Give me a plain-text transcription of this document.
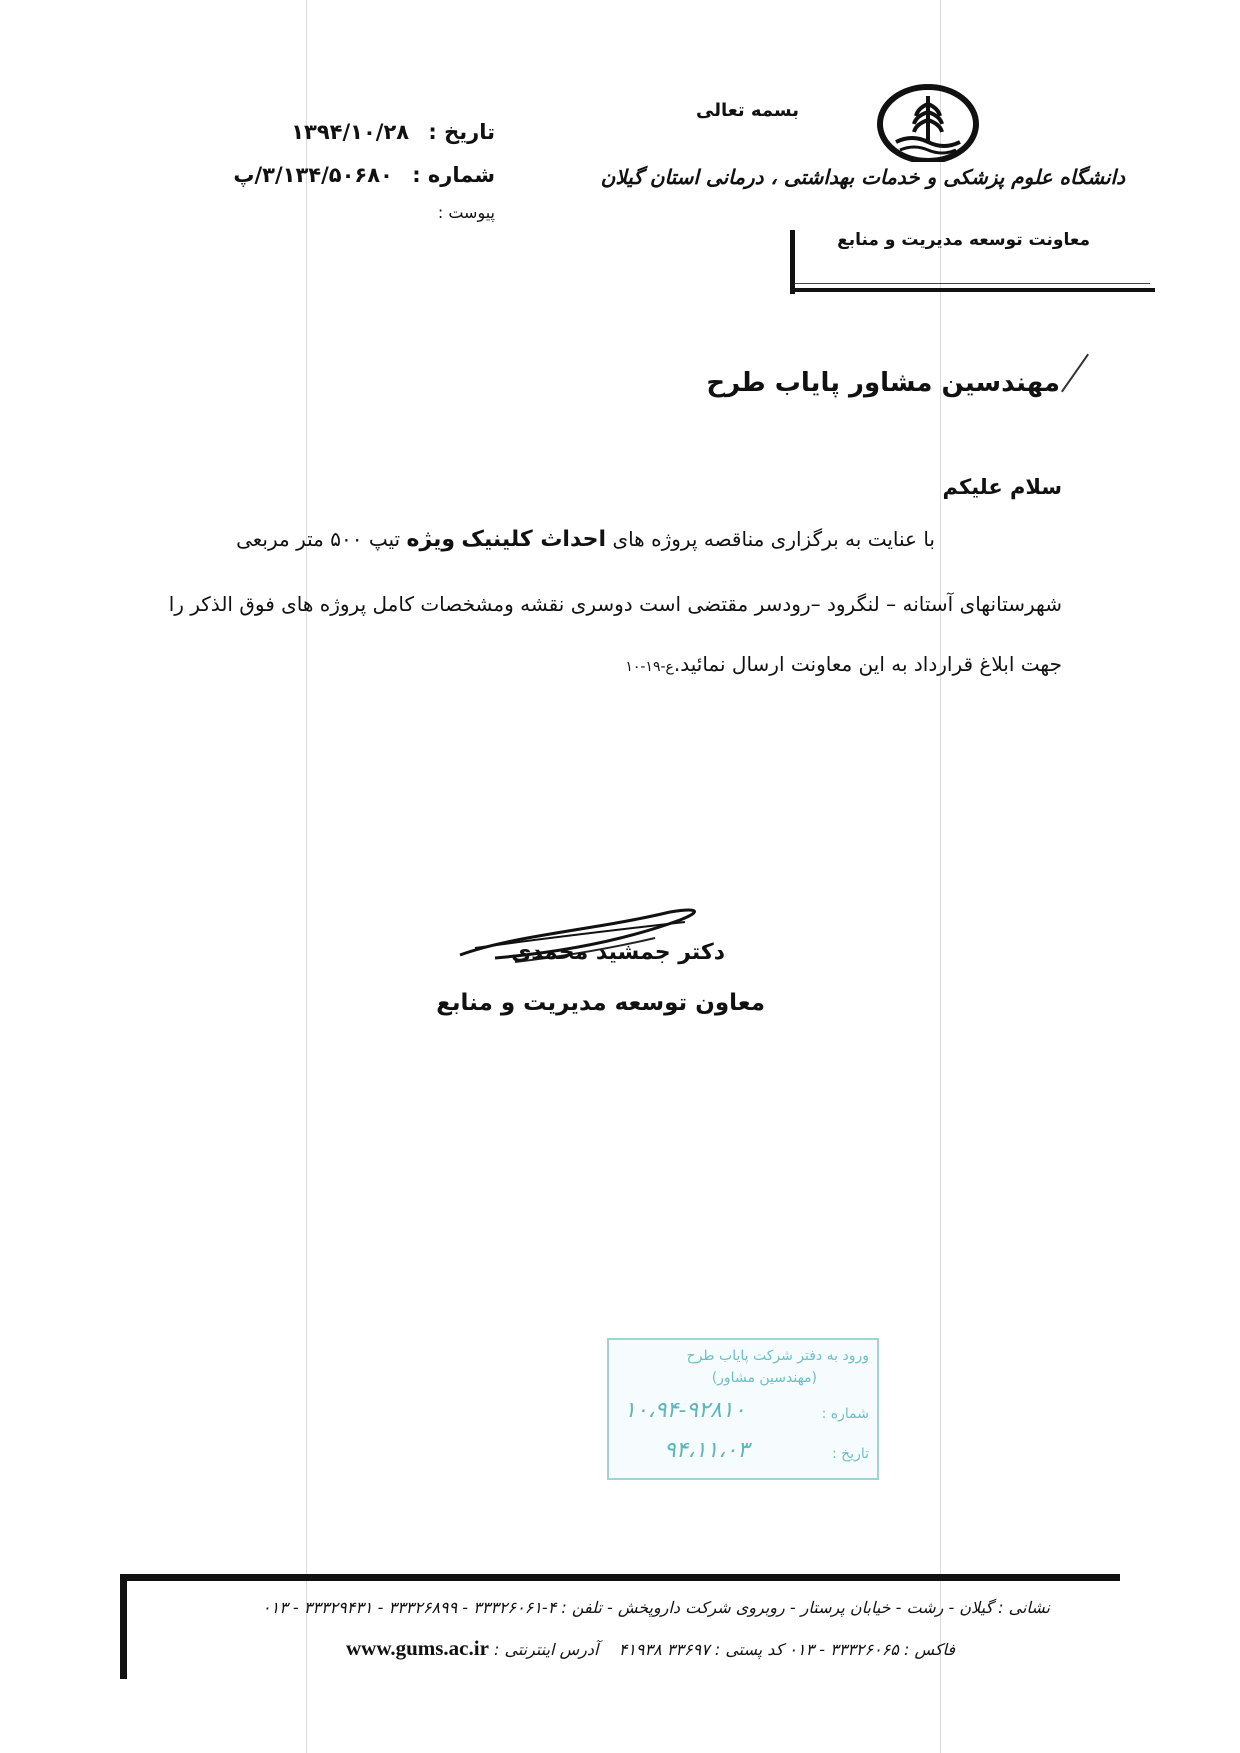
تاریخ : ۱۳۹۴/۱۰/۲۸
شماره : ۳/۱۳۴/۵۰۶۸۰/پ
پیوست :
بسمه تعالی
دانشگاه علوم پزشکی و خدمات بهداشتی ، درمانی استان گیلان
معاونت توسعه مدیریت و منابع
مهندسین مشاور پایاب طرح
سلام علیکم
با عنایت به برگزاری مناقصه پروژه های احداث کلینیک ویژه تیپ ۵۰۰ متر مربعی
شهرستانهای آستانه – لنگرود –رودسر مقتضی است دوسری نقشه ومشخصات کامل پروژه های فوق الذکر را
جهت ابلاغ قرارداد به این معاونت ارسال نمائید.ع-۱۹-۱۰
دکتر جمشید محمدی
معاون توسعه مدیریت و منابع
ورود به دفتر شرکت پایاب طرح
(مهندسین مشاور)
شماره :
۱۰،۹۴-۹۲۸۱۰
تاریخ :
۹۴،۱۱،۰۳
نشانی : گیلان - رشت - خیابان پرستار - روبروی شرکت داروپخش - تلفن : ۴-۳۳۳۲۶۰۶۱ - ۳۳۳۲۶۸۹۹ - ۳۳۳۲۹۴۳۱ - ۰۱۳
فاکس : ۳۳۳۲۶۰۶۵ - ۰۱۳ کد پستی : ۳۳۶۹۷ ۴۱۹۳۸    آدرس اینترنتی : www.gums.ac.ir
